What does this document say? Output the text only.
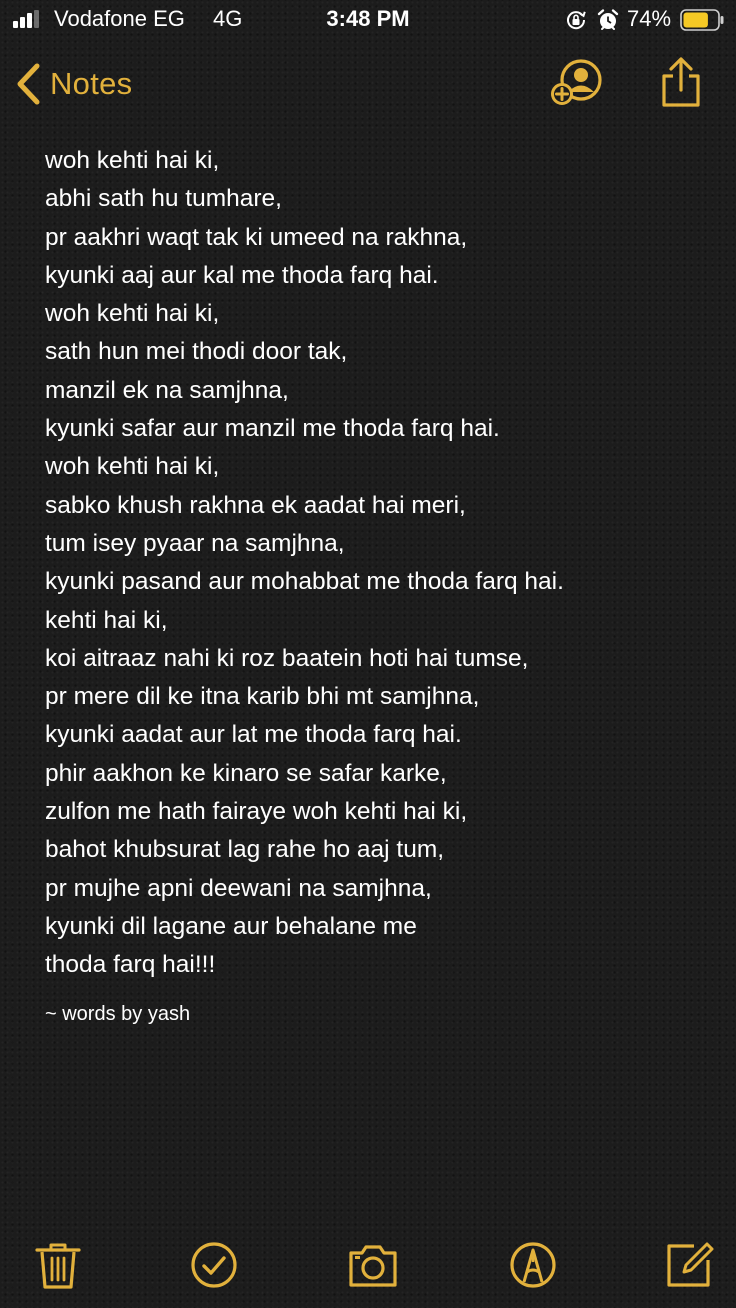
Vodafone EG 4G	3:48 PM	74%
Notes
woh kehti hai ki,
abhi sath hu tumhare,
pr aakhri waqt tak ki umeed na rakhna,
kyunki aaj aur kal me thoda farq hai.
woh kehti hai ki,
sath hun mei thodi door tak,
manzil ek na samjhna,
kyunki safar aur manzil me thoda farq hai.
woh kehti hai ki,
sabko khush rakhna ek aadat hai meri,
tum isey pyaar na samjhna,
kyunki pasand aur mohabbat me thoda farq hai.
kehti hai ki,
koi aitraaz nahi ki roz baatein hoti hai tumse,
pr mere dil ke itna karib bhi mt samjhna,
kyunki aadat aur lat me thoda farq hai.
phir aakhon ke kinaro se safar karke,
zulfon me hath fairaye woh kehti hai ki,
bahot khubsurat lag rahe ho aaj tum,
pr mujhe apni deewani na samjhna,
kyunki dil lagane aur behalane me
thoda farq hai!!!
~ words by yash
